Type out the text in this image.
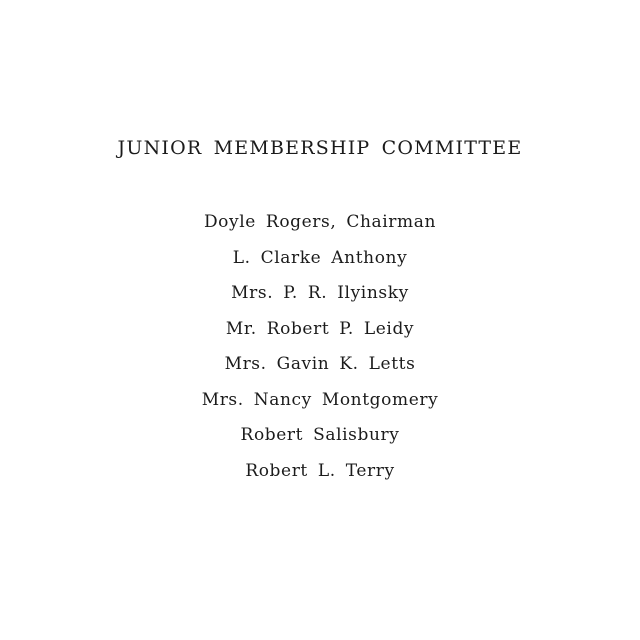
JUNIOR MEMBERSHIP COMMITTEE
Doyle Rogers, Chairman
L. Clarke Anthony
Mrs. P. R. Ilyinsky
Mr. Robert P. Leidy
Mrs. Gavin K. Letts
Mrs. Nancy Montgomery
Robert Salisbury
Robert L. Terry
